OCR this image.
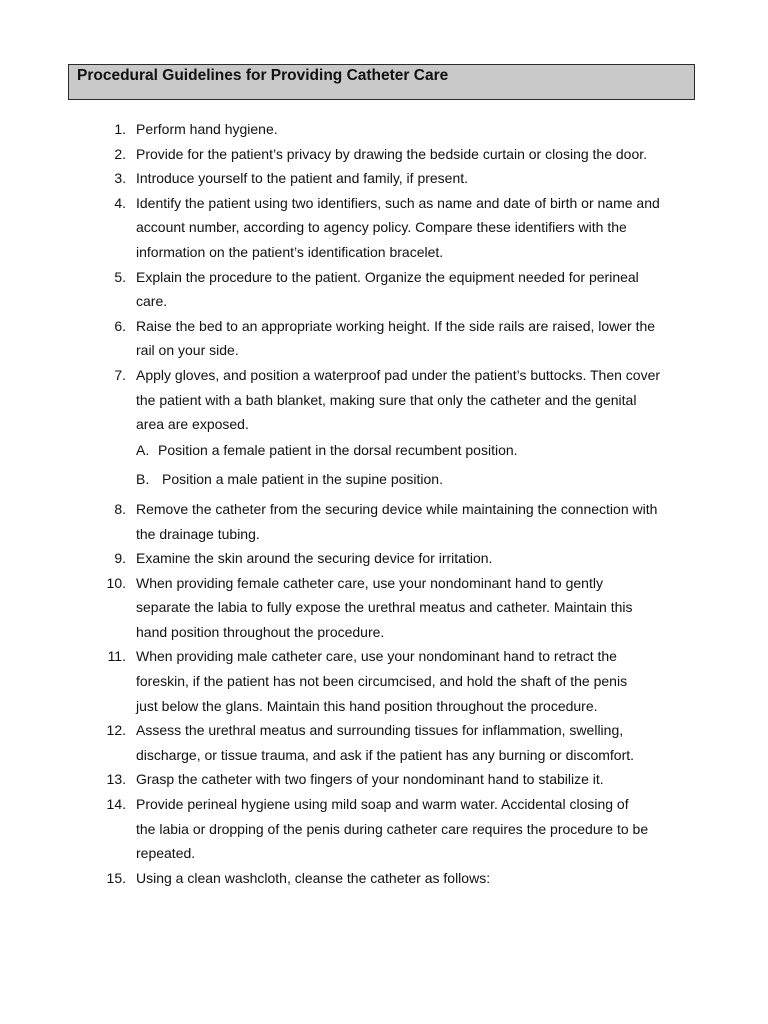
Procedural Guidelines for Providing Catheter Care
1. Perform hand hygiene.
2. Provide for the patient’s privacy by drawing the bedside curtain or closing the door.
3. Introduce yourself to the patient and family, if present.
4. Identify the patient using two identifiers, such as name and date of birth or name and account number, according to agency policy. Compare these identifiers with the information on the patient’s identification bracelet.
5. Explain the procedure to the patient. Organize the equipment needed for perineal care.
6. Raise the bed to an appropriate working height. If the side rails are raised, lower the rail on your side.
7. Apply gloves, and position a waterproof pad under the patient’s buttocks. Then cover the patient with a bath blanket, making sure that only the catheter and the genital area are exposed.
A. Position a female patient in the dorsal recumbent position.
B. Position a male patient in the supine position.
8. Remove the catheter from the securing device while maintaining the connection with the drainage tubing.
9. Examine the skin around the securing device for irritation.
10. When providing female catheter care, use your nondominant hand to gently separate the labia to fully expose the urethral meatus and catheter. Maintain this hand position throughout the procedure.
11. When providing male catheter care, use your nondominant hand to retract the foreskin, if the patient has not been circumcised, and hold the shaft of the penis just below the glans. Maintain this hand position throughout the procedure.
12. Assess the urethral meatus and surrounding tissues for inflammation, swelling, discharge, or tissue trauma, and ask if the patient has any burning or discomfort.
13. Grasp the catheter with two fingers of your nondominant hand to stabilize it.
14. Provide perineal hygiene using mild soap and warm water. Accidental closing of the labia or dropping of the penis during catheter care requires the procedure to be repeated.
15. Using a clean washcloth, cleanse the catheter as follows:
